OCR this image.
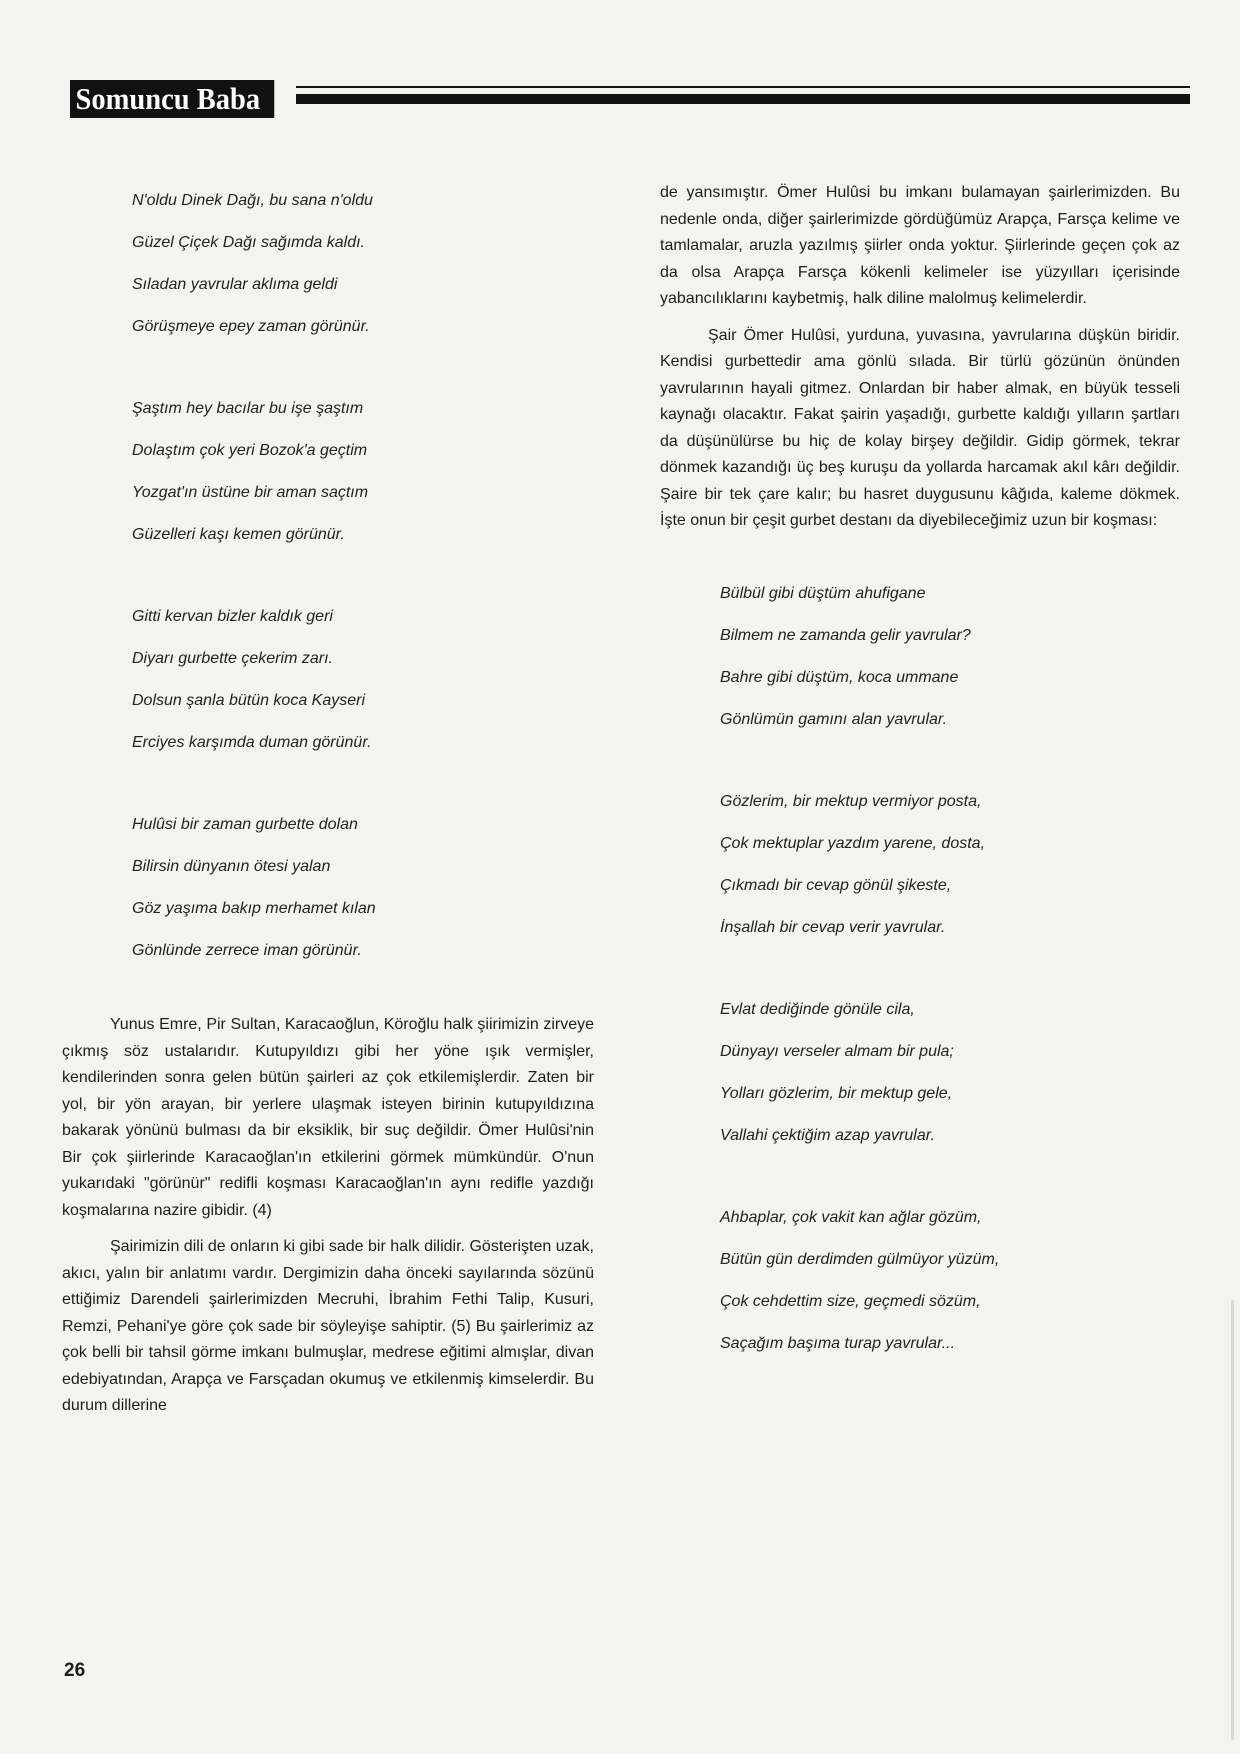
Somuncu Baba
N'oldu Dinek Dağı, bu sana n'oldu
Güzel Çiçek Dağı sağımda kaldı.
Sıladan yavrular aklıma geldi
Görüşmeye epey zaman görünür.
Şaştım hey bacılar bu işe şaştım
Dolaştım çok yeri Bozok'a geçtim
Yozgat'ın üstüne bir aman saçtım
Güzelleri kaşı kemen görünür.
Gitti kervan bizler kaldık geri
Diyarı gurbette çekerim zarı.
Dolsun şanla bütün koca Kayseri
Erciyes karşımda duman görünür.
Hulûsi bir zaman gurbette dolan
Bilirsin dünyanın ötesi yalan
Göz yaşıma bakıp merhamet kılan
Gönlünde zerrece iman görünür.

Yunus Emre, Pir Sultan, Karacaoğlun, Köroğlu halk şiirimizin zirveye çıkmış söz ustalarıdır. Kutupyıldızı gibi her yöne ışık vermişler, kendilerinden sonra gelen bütün şairleri az çok etkilemişlerdir. Zaten bir yol, bir yön arayan, bir yerlere ulaşmak isteyen birinin kutupyıldızına bakarak yönünü bulması da bir eksiklik, bir suç değildir. Ömer Hulûsi'nin Bir çok şiirlerinde Karacaoğlan'ın etkilerini görmek mümkündür. O'nun yukarıdaki "görünür" redifli koşması Karacaoğlan'ın aynı redifle yazdığı koşmalarına nazire gibidir. (4)

Şairimizin dili de onların ki gibi sade bir halk dilidir. Gösterişten uzak, akıcı, yalın bir anlatımı vardır. Dergimizin daha önceki sayılarında sözünü ettiğimiz Darendeli şairlerimizden Mecruhi, İbrahim Fethi Talip, Kusuri, Remzi, Pehani'ye göre çok sade bir söyleyişe sahiptir. (5) Bu şairlerimiz az çok belli bir tahsil görme imkanı bulmuşlar, medrese eğitimi almışlar, divan edebiyatından, Arapça ve Farsçadan okumuş ve etkilenmiş kimselerdir. Bu durum dillerine

de yansımıştır. Ömer Hulûsi bu imkanı bulamayan şairlerimizden. Bu nedenle onda, diğer şairlerimizde gördüğümüz Arapça, Farsça kelime ve tamlamalar, aruzla yazılmış şiirler onda yoktur. Şiirlerinde geçen çok az da olsa Arapça Farsça kökenli kelimeler ise yüzyılları içerisinde yabancılıklarını kaybetmiş, halk diline malolmuş kelimelerdir.

Şair Ömer Hulûsi, yurduna, yuvasına, yavrularına düşkün biridir. Kendisi gurbettedir ama gönlü sılada. Bir türlü gözünün önünden yavrularının hayali gitmez. Onlardan bir haber almak, en büyük tesseli kaynağı olacaktır. Fakat şairin yaşadığı, gurbette kaldığı yılların şartları da düşünülürse bu hiç de kolay birşey değildir. Gidip görmek, tekrar dönmek kazandığı üç beş kuruşu da yollarda harcamak akıl kârı değildir. Şaire bir tek çare kalır; bu hasret duygusunu kâğıda, kaleme dökmek. İşte onun bir çeşit gurbet destanı da diyebileceğimiz uzun bir koşması:

Bülbül gibi düştüm ahufigane
Bilmem ne zamanda gelir yavrular?
Bahre gibi düştüm, koca ummane
Gönlümün gamını alan yavrular.
Gözlerim, bir mektup vermiyor posta,
Çok mektuplar yazdım yarene, dosta,
Çıkmadı bir cevap gönül şikeste,
İnşallah bir cevap verir yavrular.
Evlat dediğinde gönüle cila,
Dünyayı verseler almam bir pula;
Yolları gözlerim, bir mektup gele,
Vallahi çektiğim azap yavrular.
Ahbaplar, çok vakit kan ağlar gözüm,
Bütün gün derdimden gülmüyor yüzüm,
Çok cehdettim size, geçmedi sözüm,
Saçağım başıma turap yavrular...
26
